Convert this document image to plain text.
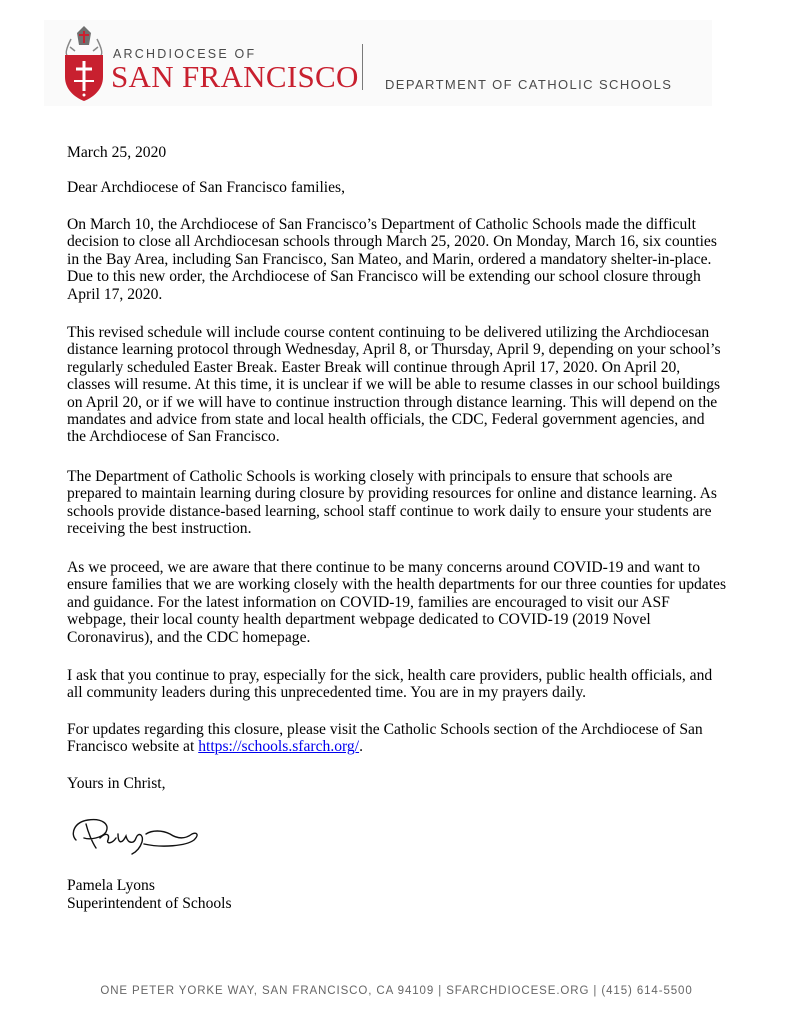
ARCHDIOCESE OF
SAN FRANCISCO DEPARTMENT OF CATHOLIC SCHOOLS
March 25, 2020
Dear Archdiocese of San Francisco families,
On March 10, the Archdiocese of San Francisco’s Department of Catholic Schools made the difficult decision to close all Archdiocesan schools through March 25, 2020. On Monday, March 16, six counties in the Bay Area, including San Francisco, San Mateo, and Marin, ordered a mandatory shelter-in-place. Due to this new order, the Archdiocese of San Francisco will be extending our school closure through April 17, 2020.
This revised schedule will include course content continuing to be delivered utilizing the Archdiocesan distance learning protocol through Wednesday, April 8, or Thursday, April 9, depending on your school’s regularly scheduled Easter Break. Easter Break will continue through April 17, 2020. On April 20, classes will resume. At this time, it is unclear if we will be able to resume classes in our school buildings on April 20, or if we will have to continue instruction through distance learning. This will depend on the mandates and advice from state and local health officials, the CDC, Federal government agencies, and the Archdiocese of San Francisco.
The Department of Catholic Schools is working closely with principals to ensure that schools are prepared to maintain learning during closure by providing resources for online and distance learning. As schools provide distance-based learning, school staff continue to work daily to ensure your students are receiving the best instruction.
As we proceed, we are aware that there continue to be many concerns around COVID-19 and want to ensure families that we are working closely with the health departments for our three counties for updates and guidance. For the latest information on COVID-19, families are encouraged to visit our ASF webpage, their local county health department webpage dedicated to COVID-19 (2019 Novel Coronavirus), and the CDC homepage.
I ask that you continue to pray, especially for the sick, health care providers, public health officials, and all community leaders during this unprecedented time. You are in my prayers daily.
For updates regarding this closure, please visit the Catholic Schools section of the Archdiocese of San Francisco website at https://schools.sfarch.org/.
Yours in Christ,
Pamela Lyons
Superintendent of Schools
ONE PETER YORKE WAY, SAN FRANCISCO, CA 94109 | SFARCHDIOCESE.ORG | (415) 614-5500
